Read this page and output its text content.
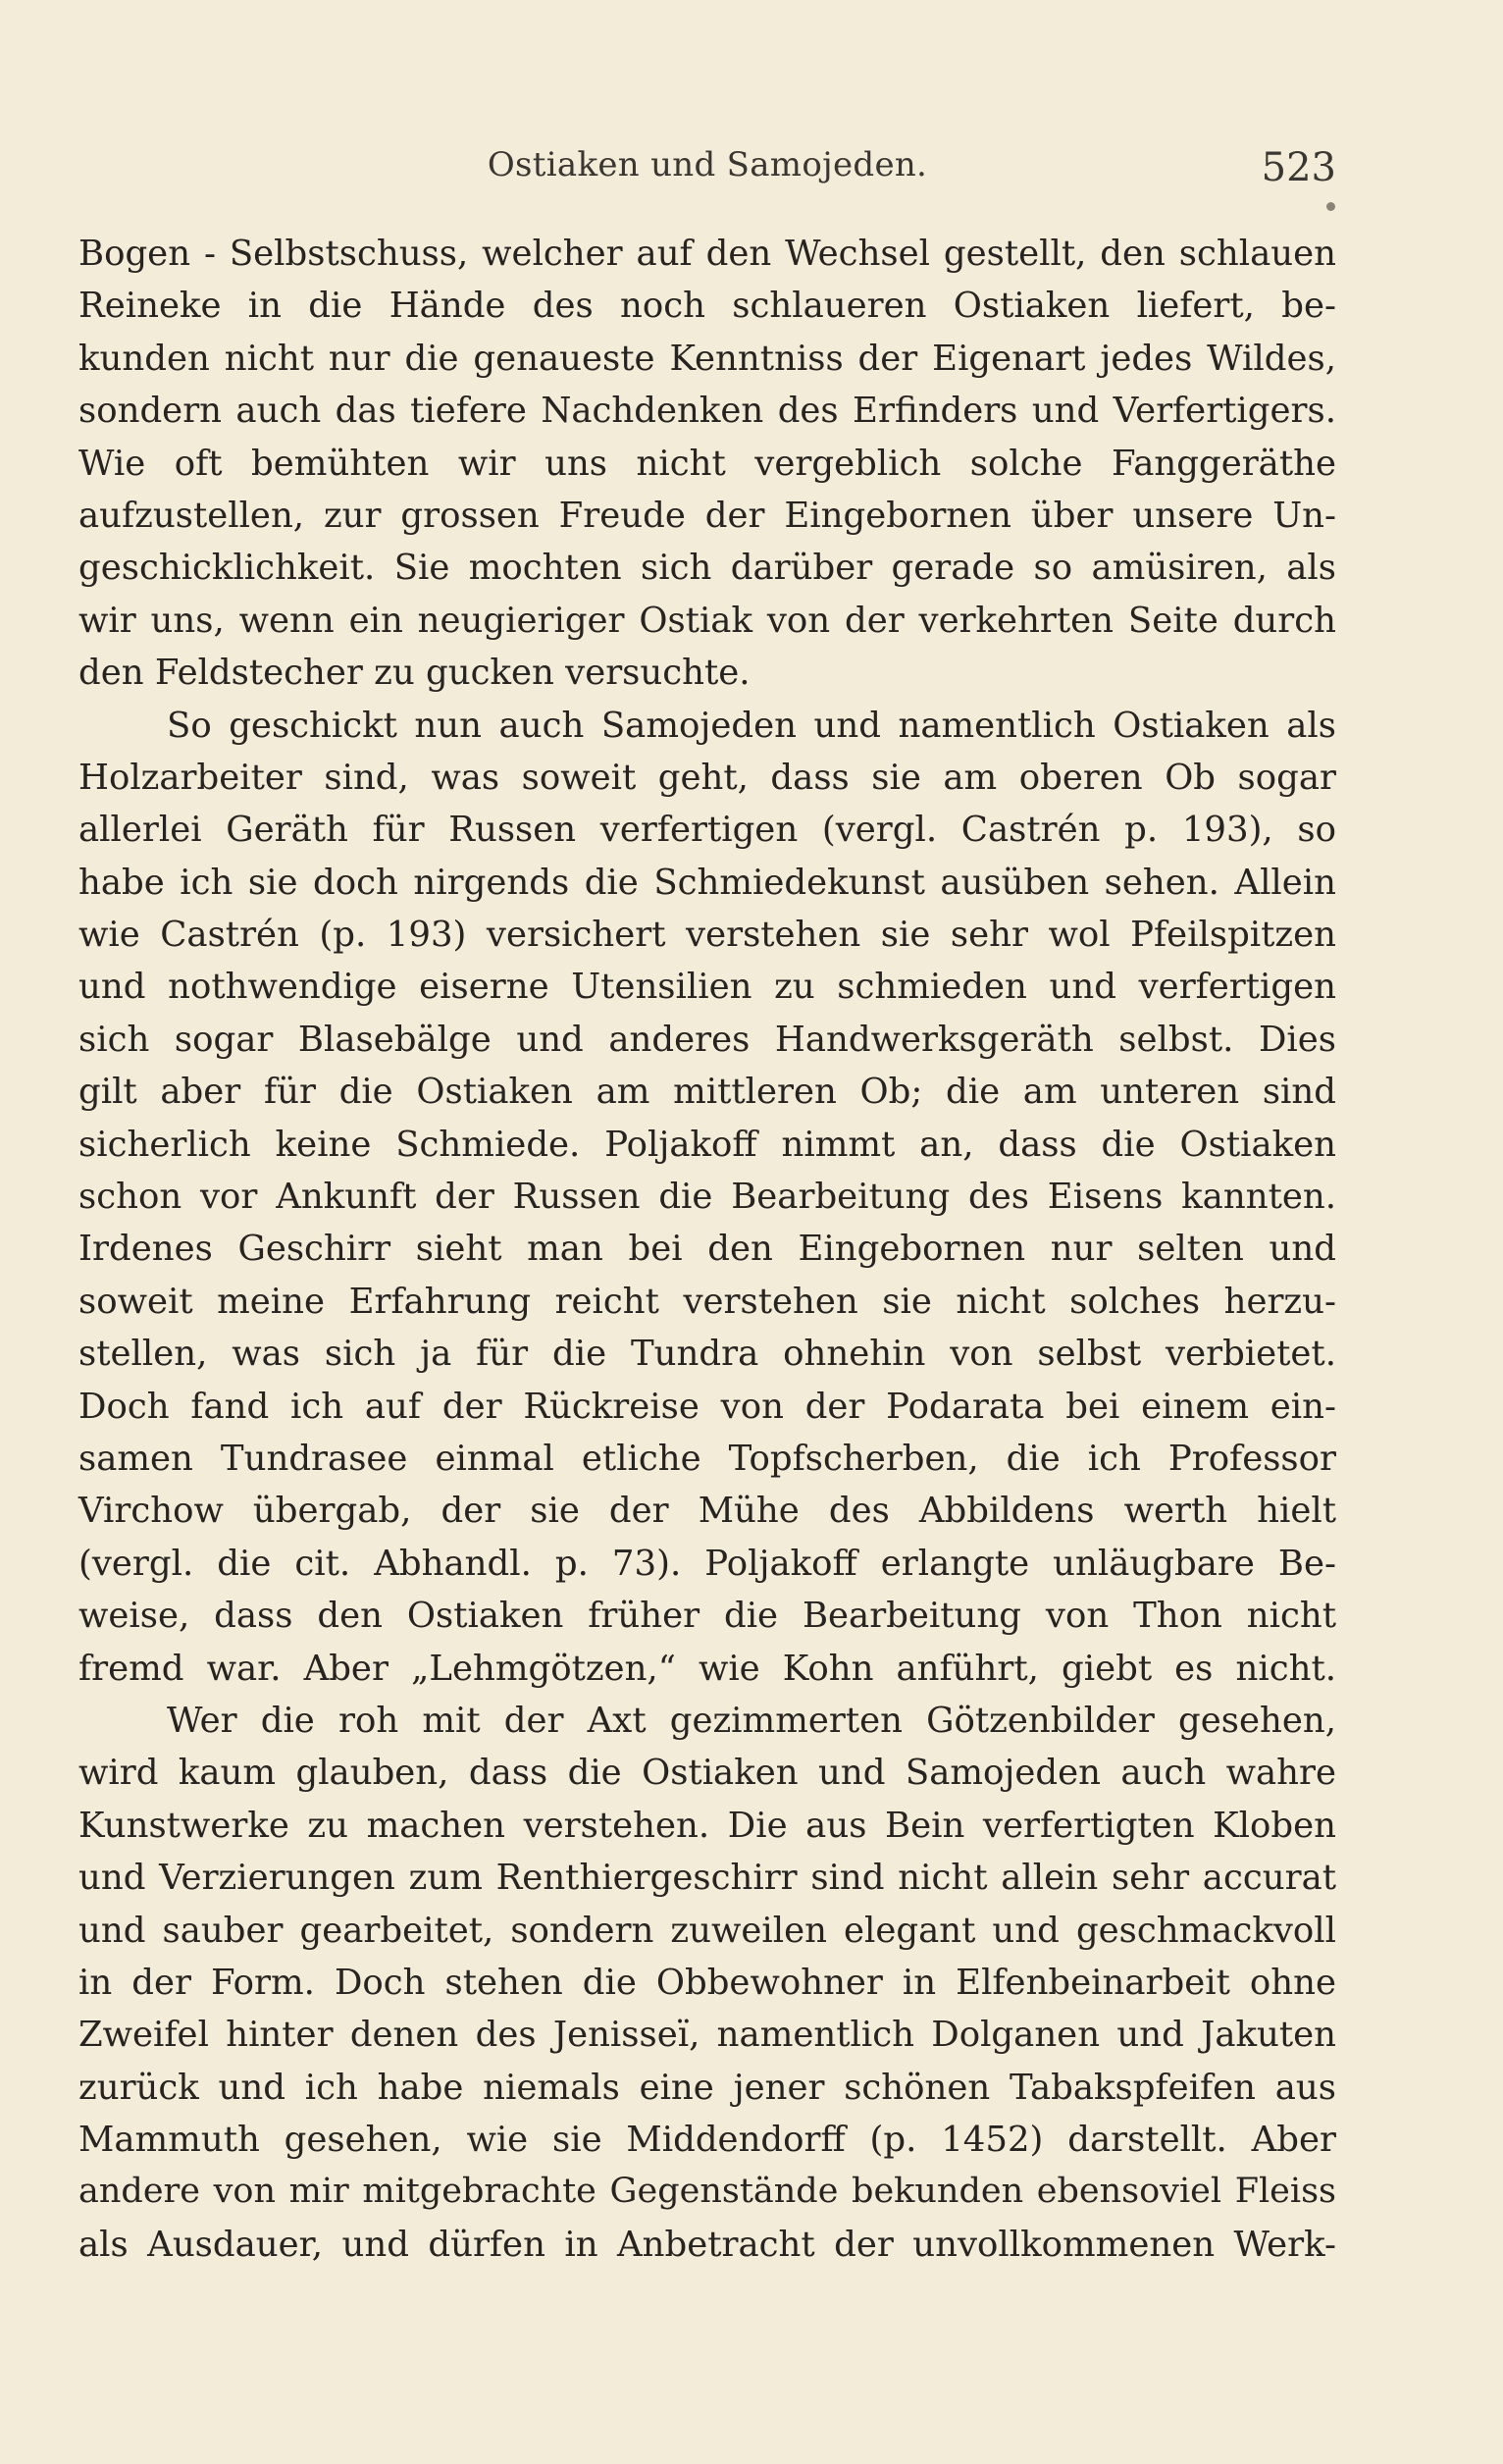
Ostiaken und Samojeden.	523
Bogen - Selbstschuss, welcher auf den Wechsel gestellt, den schlauen
Reineke in die Hände des noch schlaueren Ostiaken liefert, be-
kunden nicht nur die genaueste Kenntniss der Eigenart jedes Wildes,
sondern auch das tiefere Nachdenken des Erfinders und Verfertigers.
Wie oft bemühten wir uns nicht vergeblich solche Fanggeräthe
aufzustellen, zur grossen Freude der Eingebornen über unsere Un-
geschicklichkeit. Sie mochten sich darüber gerade so amüsiren, als
wir uns, wenn ein neugieriger Ostiak von der verkehrten Seite durch
den Feldstecher zu gucken versuchte.
So geschickt nun auch Samojeden und namentlich Ostiaken als
Holzarbeiter sind, was soweit geht, dass sie am oberen Ob sogar
allerlei Geräth für Russen verfertigen (vergl. Castrén p. 193), so
habe ich sie doch nirgends die Schmiedekunst ausüben sehen. Allein
wie Castrén (p. 193) versichert verstehen sie sehr wol Pfeilspitzen
und nothwendige eiserne Utensilien zu schmieden und verfertigen
sich sogar Blasebälge und anderes Handwerksgeräth selbst. Dies
gilt aber für die Ostiaken am mittleren Ob; die am unteren sind
sicherlich keine Schmiede. Poljakoff nimmt an, dass die Ostiaken
schon vor Ankunft der Russen die Bearbeitung des Eisens kannten.
Irdenes Geschirr sieht man bei den Eingebornen nur selten und
soweit meine Erfahrung reicht verstehen sie nicht solches herzu-
stellen, was sich ja für die Tundra ohnehin von selbst verbietet.
Doch fand ich auf der Rückreise von der Podarata bei einem ein-
samen Tundrasee einmal etliche Topfscherben, die ich Professor
Virchow übergab, der sie der Mühe des Abbildens werth hielt
(vergl. die cit. Abhandl. p. 73). Poljakoff erlangte unläugbare Be-
weise, dass den Ostiaken früher die Bearbeitung von Thon nicht
fremd war. Aber „Lehmgötzen,“ wie Kohn anführt, giebt es nicht.
Wer die roh mit der Axt gezimmerten Götzenbilder gesehen,
wird kaum glauben, dass die Ostiaken und Samojeden auch wahre
Kunstwerke zu machen verstehen. Die aus Bein verfertigten Kloben
und Verzierungen zum Renthiergeschirr sind nicht allein sehr accurat
und sauber gearbeitet, sondern zuweilen elegant und geschmackvoll
in der Form. Doch stehen die Obbewohner in Elfenbeinarbeit ohne
Zweifel hinter denen des Jenisseï, namentlich Dolganen und Jakuten
zurück und ich habe niemals eine jener schönen Tabakspfeifen aus
Mammuth gesehen, wie sie Middendorff (p. 1452) darstellt. Aber
andere von mir mitgebrachte Gegenstände bekunden ebensoviel Fleiss
als Ausdauer, und dürfen in Anbetracht der unvollkommenen Werk-
